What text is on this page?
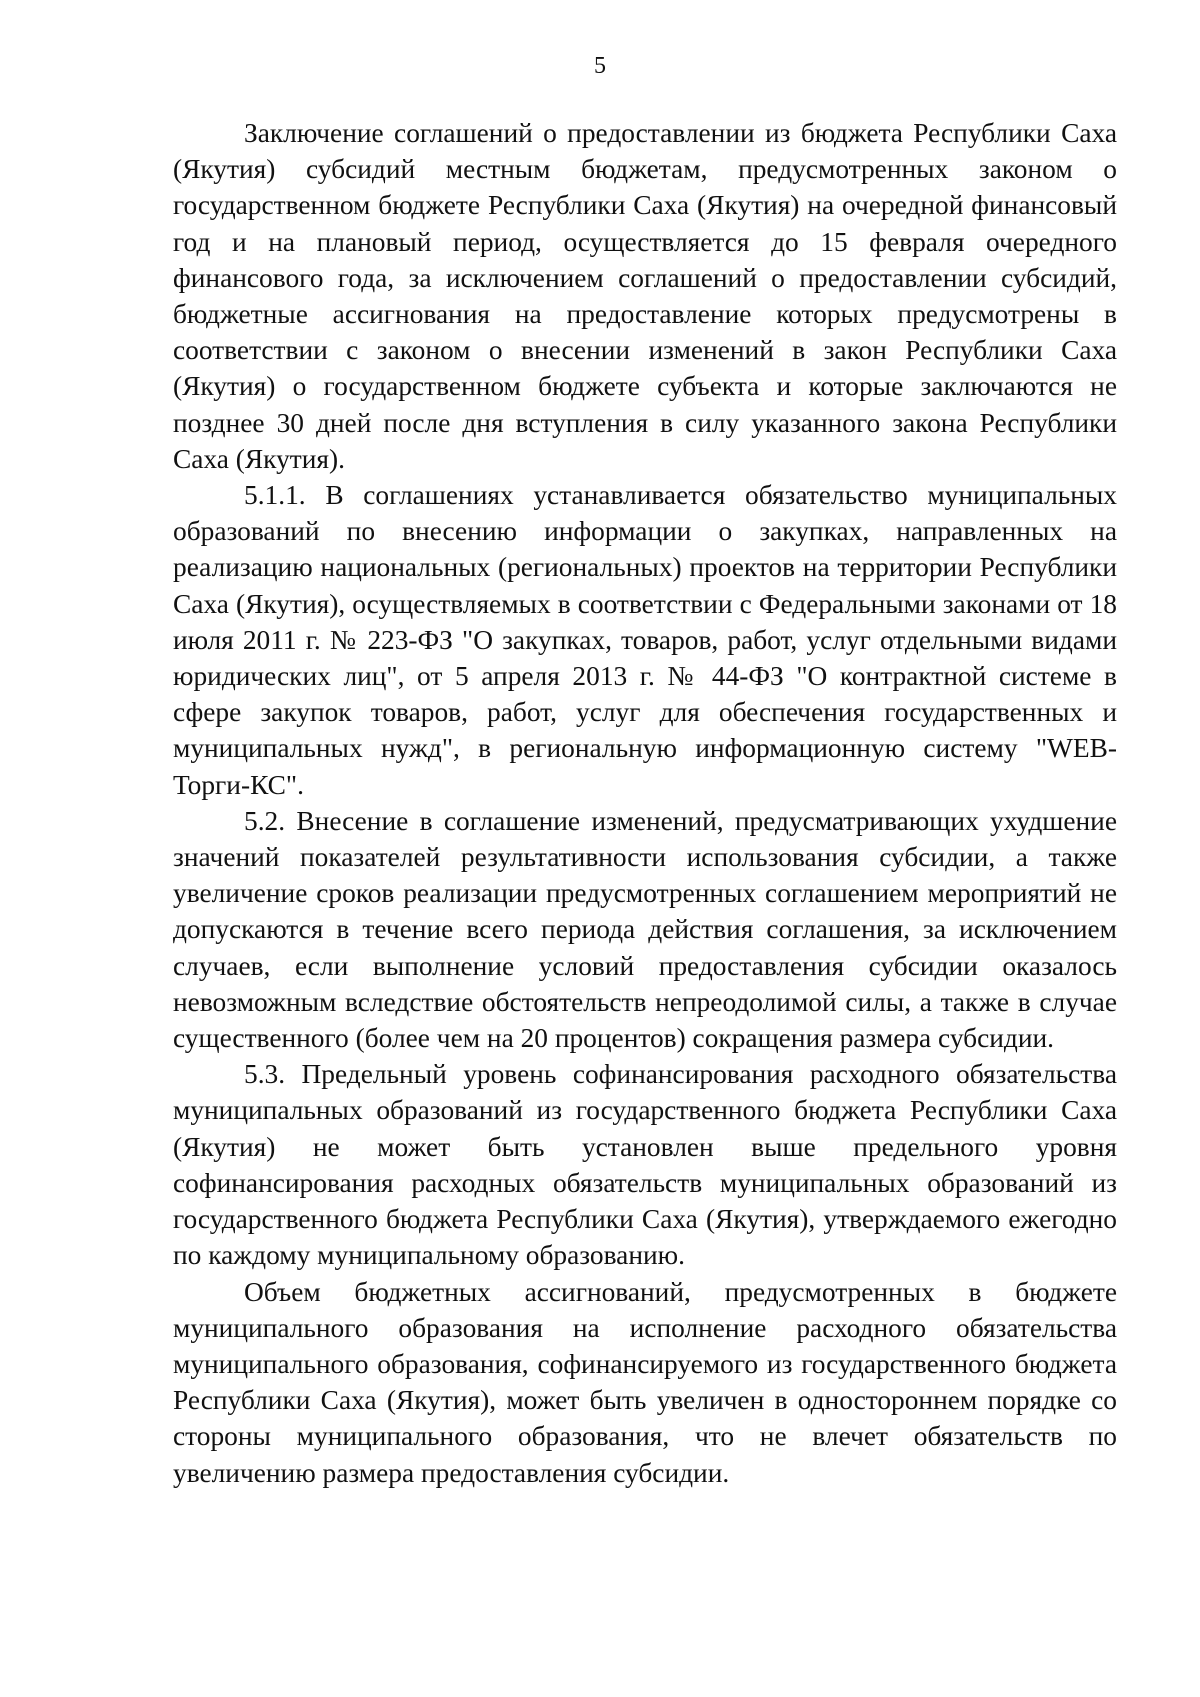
5

Заключение соглашений о предоставлении из бюджета Республики Саха (Якутия) субсидий местным бюджетам, предусмотренных законом о государственном бюджете Республики Саха (Якутия) на очередной финансовый год и на плановый период, осуществляется до 15 февраля очередного финансового года, за исключением соглашений о предоставлении субсидий, бюджетные ассигнования на предоставление которых предусмотрены в соответствии с законом о внесении изменений в закон Республики Саха (Якутия) о государственном бюджете субъекта и которые заключаются не позднее 30 дней после дня вступления в силу указанного закона Республики Саха (Якутия).

5.1.1. В соглашениях устанавливается обязательство муниципальных образований по внесению информации о закупках, направленных на реализацию национальных (региональных) проектов на территории Республики Саха (Якутия), осуществляемых в соответствии с Федеральными законами от 18 июля 2011 г. № 223-ФЗ "О закупках, товаров, работ, услуг отдельными видами юридических лиц", от 5 апреля 2013 г. № 44-ФЗ "О контрактной системе в сфере закупок товаров, работ, услуг для обеспечения государственных и муниципальных нужд", в региональную информационную систему "WEB-Торги-КС".

5.2. Внесение в соглашение изменений, предусматривающих ухудшение значений показателей результативности использования субсидии, а также увеличение сроков реализации предусмотренных соглашением мероприятий не допускаются в течение всего периода действия соглашения, за исключением случаев, если выполнение условий предоставления субсидии оказалось невозможным вследствие обстоятельств непреодолимой силы, а также в случае существенного (более чем на 20 процентов) сокращения размера субсидии.

5.3. Предельный уровень софинансирования расходного обязательства муниципальных образований из государственного бюджета Республики Саха (Якутия) не может быть установлен выше предельного уровня софинансирования расходных обязательств муниципальных образований из государственного бюджета Республики Саха (Якутия), утверждаемого ежегодно по каждому муниципальному образованию.

Объем бюджетных ассигнований, предусмотренных в бюджете муниципального образования на исполнение расходного обязательства муниципального образования, софинансируемого из государственного бюджета Республики Саха (Якутия), может быть увеличен в одностороннем порядке со стороны муниципального образования, что не влечет обязательств по увеличению размера предоставления субсидии.
